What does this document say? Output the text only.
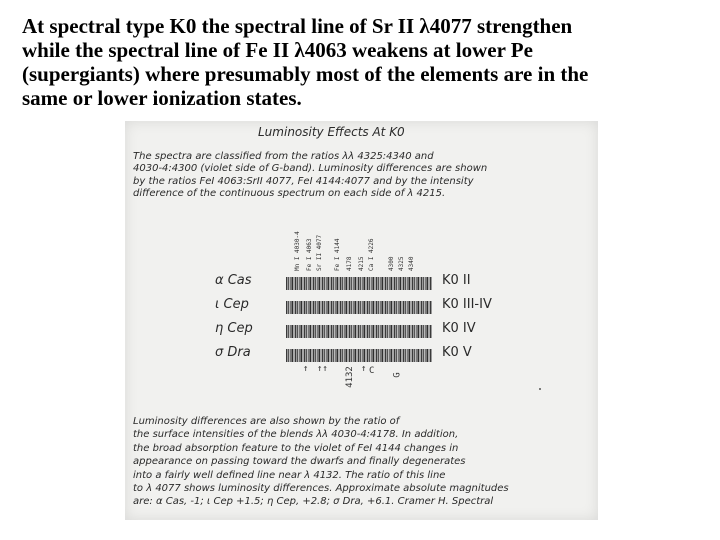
At spectral type K0 the spectral line of Sr II λ4077 strengthen
while the spectral line of Fe II λ4063 weakens at lower Pe
(supergiants) where presumably most of the elements are in the
same or lower ionization states.
Luminosity Effects At K0
The spectra are classified from the ratios λλ 4325:4340 and
4030-4:4300 (violet side of G-band). Luminosity differences are shown
by the ratios FeI 4063:SrII 4077, FeI 4144:4077 and by the intensity
difference of the continuous spectrum on each side of λ 4215.
Mn I 4030-4 Fe I 4063 Sr II 4077 Fe I 4144 4178 4215 Ca I 4226 4300 4325 4340
α Cas	K0 II
ι Cep	K0 III-IV
η Cep	K0 IV
σ Dra	K0 V
↑ ↑↑ 4132 ↑ C G
Luminosity differences are also shown by the ratio of
the surface intensities of the blends λλ 4030-4:4178. In addition,
the broad absorption feature to the violet of FeI 4144 changes in
appearance on passing toward the dwarfs and finally degenerates
into a fairly well defined line near λ 4132. The ratio of this line
to λ 4077 shows luminosity differences. Approximate absolute magnitudes
are: α Cas, -1; ι Cep +1.5; η Cep, +2.8; σ Dra, +6.1. Cramer H. Spectral
